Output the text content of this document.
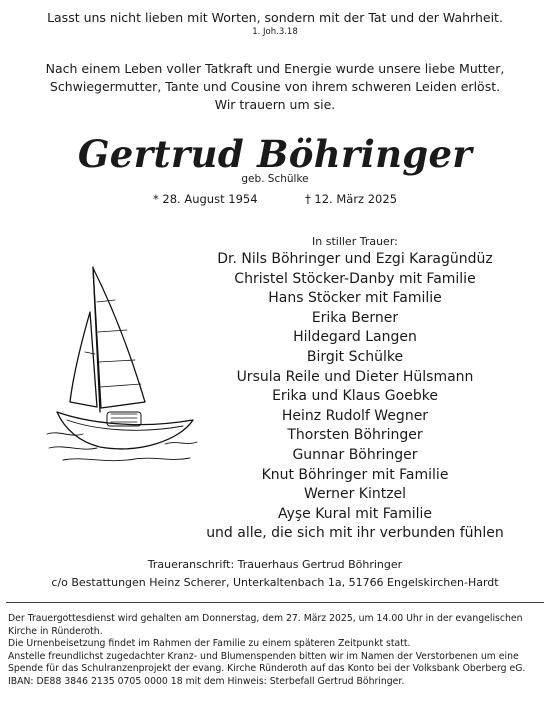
Lasst uns nicht lieben mit Worten, sondern mit der Tat und der Wahrheit.
1. Joh.3.18
Nach einem Leben voller Tatkraft und Energie wurde unsere liebe Mutter,
Schwiegermutter, Tante und Cousine von ihrem schweren Leiden erlöst.
Wir trauern um sie.
Gertrud Böhringer
geb. Schülke
* 28. August 1954	† 12. März 2025
In stiller Trauer:
Dr. Nils Böhringer und Ezgi Karagündüz
Christel Stöcker-Danby mit Familie
Hans Stöcker mit Familie
Erika Berner
Hildegard Langen
Birgit Schülke
Ursula Reile und Dieter Hülsmann
Erika und Klaus Goebke
Heinz Rudolf Wegner
Thorsten Böhringer
Gunnar Böhringer
Knut Böhringer mit Familie
Werner Kintzel
Ayşe Kural mit Familie
und alle, die sich mit ihr verbunden fühlen
Traueranschrift: Trauerhaus Gertrud Böhringer
c/o Bestattungen Heinz Scherer, Unterkaltenbach 1a, 51766 Engelskirchen-Hardt
Der Trauergottesdienst wird gehalten am Donnerstag, dem 27. März 2025, um 14.00 Uhr in der evangelischen
Kirche in Ründeroth.
Die Urnenbeisetzung findet im Rahmen der Familie zu einem späteren Zeitpunkt statt.
Anstelle freundlichst zugedachter Kranz- und Blumenspenden bitten wir im Namen der Verstorbenen um eine
Spende für das Schulranzenprojekt der evang. Kirche Ründeroth auf das Konto bei der Volksbank Oberberg eG.
IBAN: DE88 3846 2135 0705 0000 18 mit dem Hinweis: Sterbefall Gertrud Böhringer.
